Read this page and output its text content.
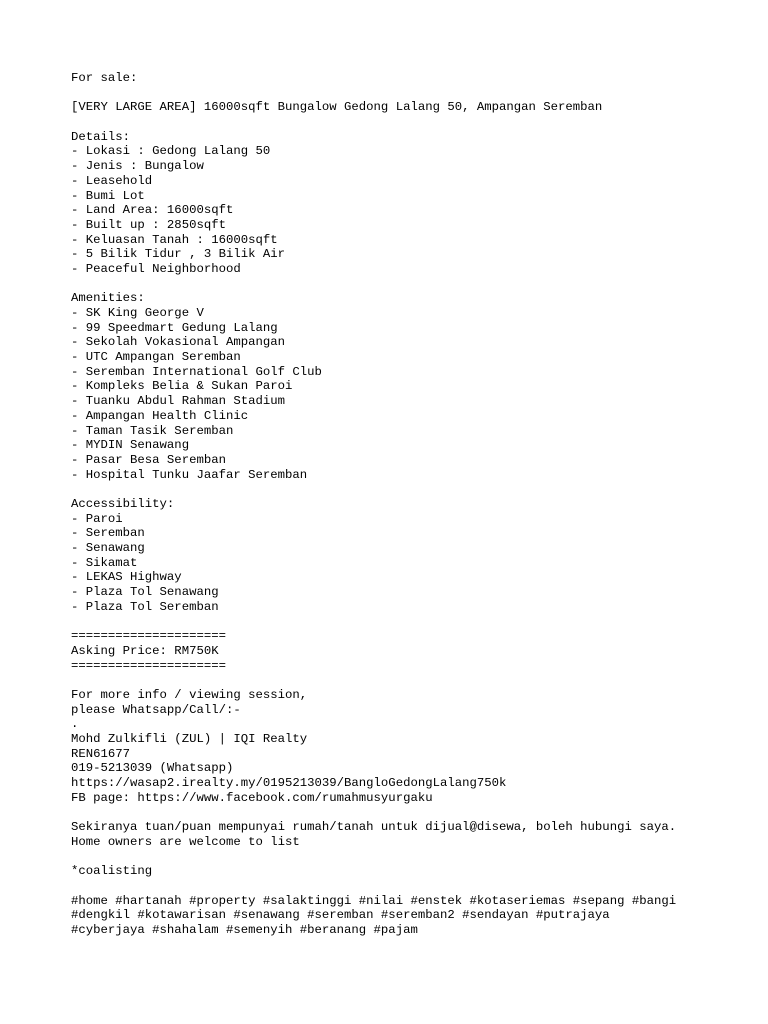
For sale:
[VERY LARGE AREA] 16000sqft Bungalow Gedong Lalang 50, Ampangan Seremban
Details:
- Lokasi : Gedong Lalang 50
- Jenis : Bungalow
- Leasehold
- Bumi Lot
- Land Area: 16000sqft
- Built up : 2850sqft
- Keluasan Tanah : 16000sqft
- 5 Bilik Tidur , 3 Bilik Air
- Peaceful Neighborhood
Amenities:
- SK King George V
- 99 Speedmart Gedung Lalang
- Sekolah Vokasional Ampangan
- UTC Ampangan Seremban
- Seremban International Golf Club
- Kompleks Belia & Sukan Paroi
- Tuanku Abdul Rahman Stadium
- Ampangan Health Clinic
- Taman Tasik Seremban
- MYDIN Senawang
- Pasar Besa Seremban
- Hospital Tunku Jaafar Seremban
Accessibility:
- Paroi
- Seremban
- Senawang
- Sikamat
- LEKAS Highway
- Plaza Tol Senawang
- Plaza Tol Seremban
=====================
Asking Price: RM750K
=====================
For more info / viewing session,
please Whatsapp/Call/:-
.
Mohd Zulkifli (ZUL) | IQI Realty
REN61677
019-5213039 (Whatsapp)
https://wasap2.irealty.my/0195213039/BangloGedongLalang750k
FB page: https://www.facebook.com/rumahmusyurgaku
Sekiranya tuan/puan mempunyai rumah/tanah untuk dijual@disewa, boleh hubungi saya.
Home owners are welcome to list
*coalisting
#home #hartanah #property #salaktinggi #nilai #enstek #kotaseriemas #sepang #bangi
#dengkil #kotawarisan #senawang #seremban #seremban2 #sendayan #putrajaya
#cyberjaya #shahalam #semenyih #beranang #pajam
